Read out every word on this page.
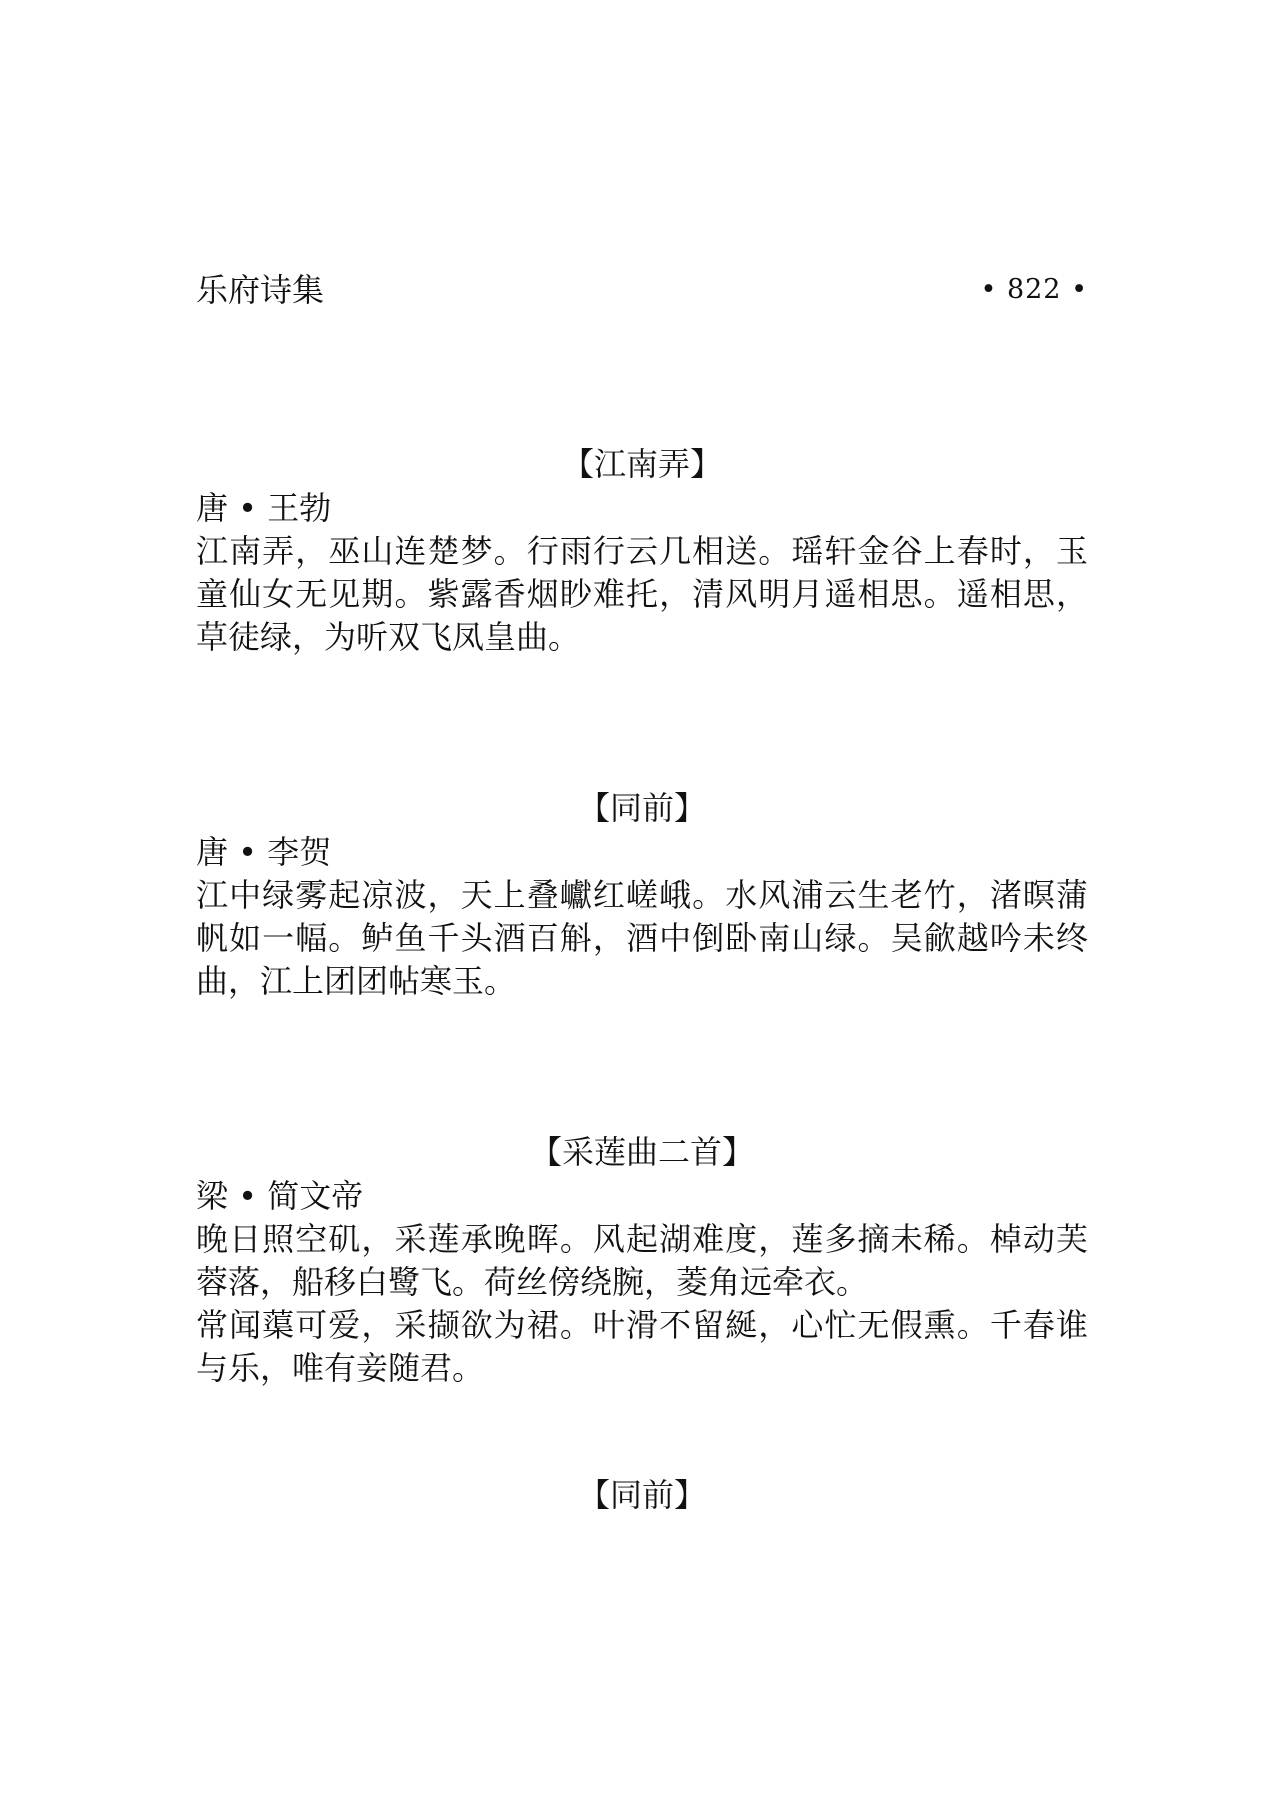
乐府诗集	• 822 •
【江南弄】
唐 • 王勃

江南弄，巫山连楚梦。行雨行云几相送。瑶轩金谷上春时，玉童仙女无见期。紫露香烟眇难托，清风明月遥相思。遥相思，草徒绿，为听双飞凤皇曲。

【同前】
唐 • 李贺

江中绿雾起凉波，天上叠巘红嵯峨。水风浦云生老竹，渚暝蒲帆如一幅。鲈鱼千头酒百斛，酒中倒卧南山绿。吴歈越吟未终曲，江上团团帖寒玉。

【采莲曲二首】
梁 • 简文帝

晚日照空矶，采莲承晚晖。风起湖难度，莲多摘未稀。棹动芙蓉落，船移白鹭飞。荷丝傍绕腕，菱角远牵衣。

常闻蕖可爱，采撷欲为裙。叶滑不留綖，心忙无假熏。千春谁与乐，唯有妾随君。

【同前】
